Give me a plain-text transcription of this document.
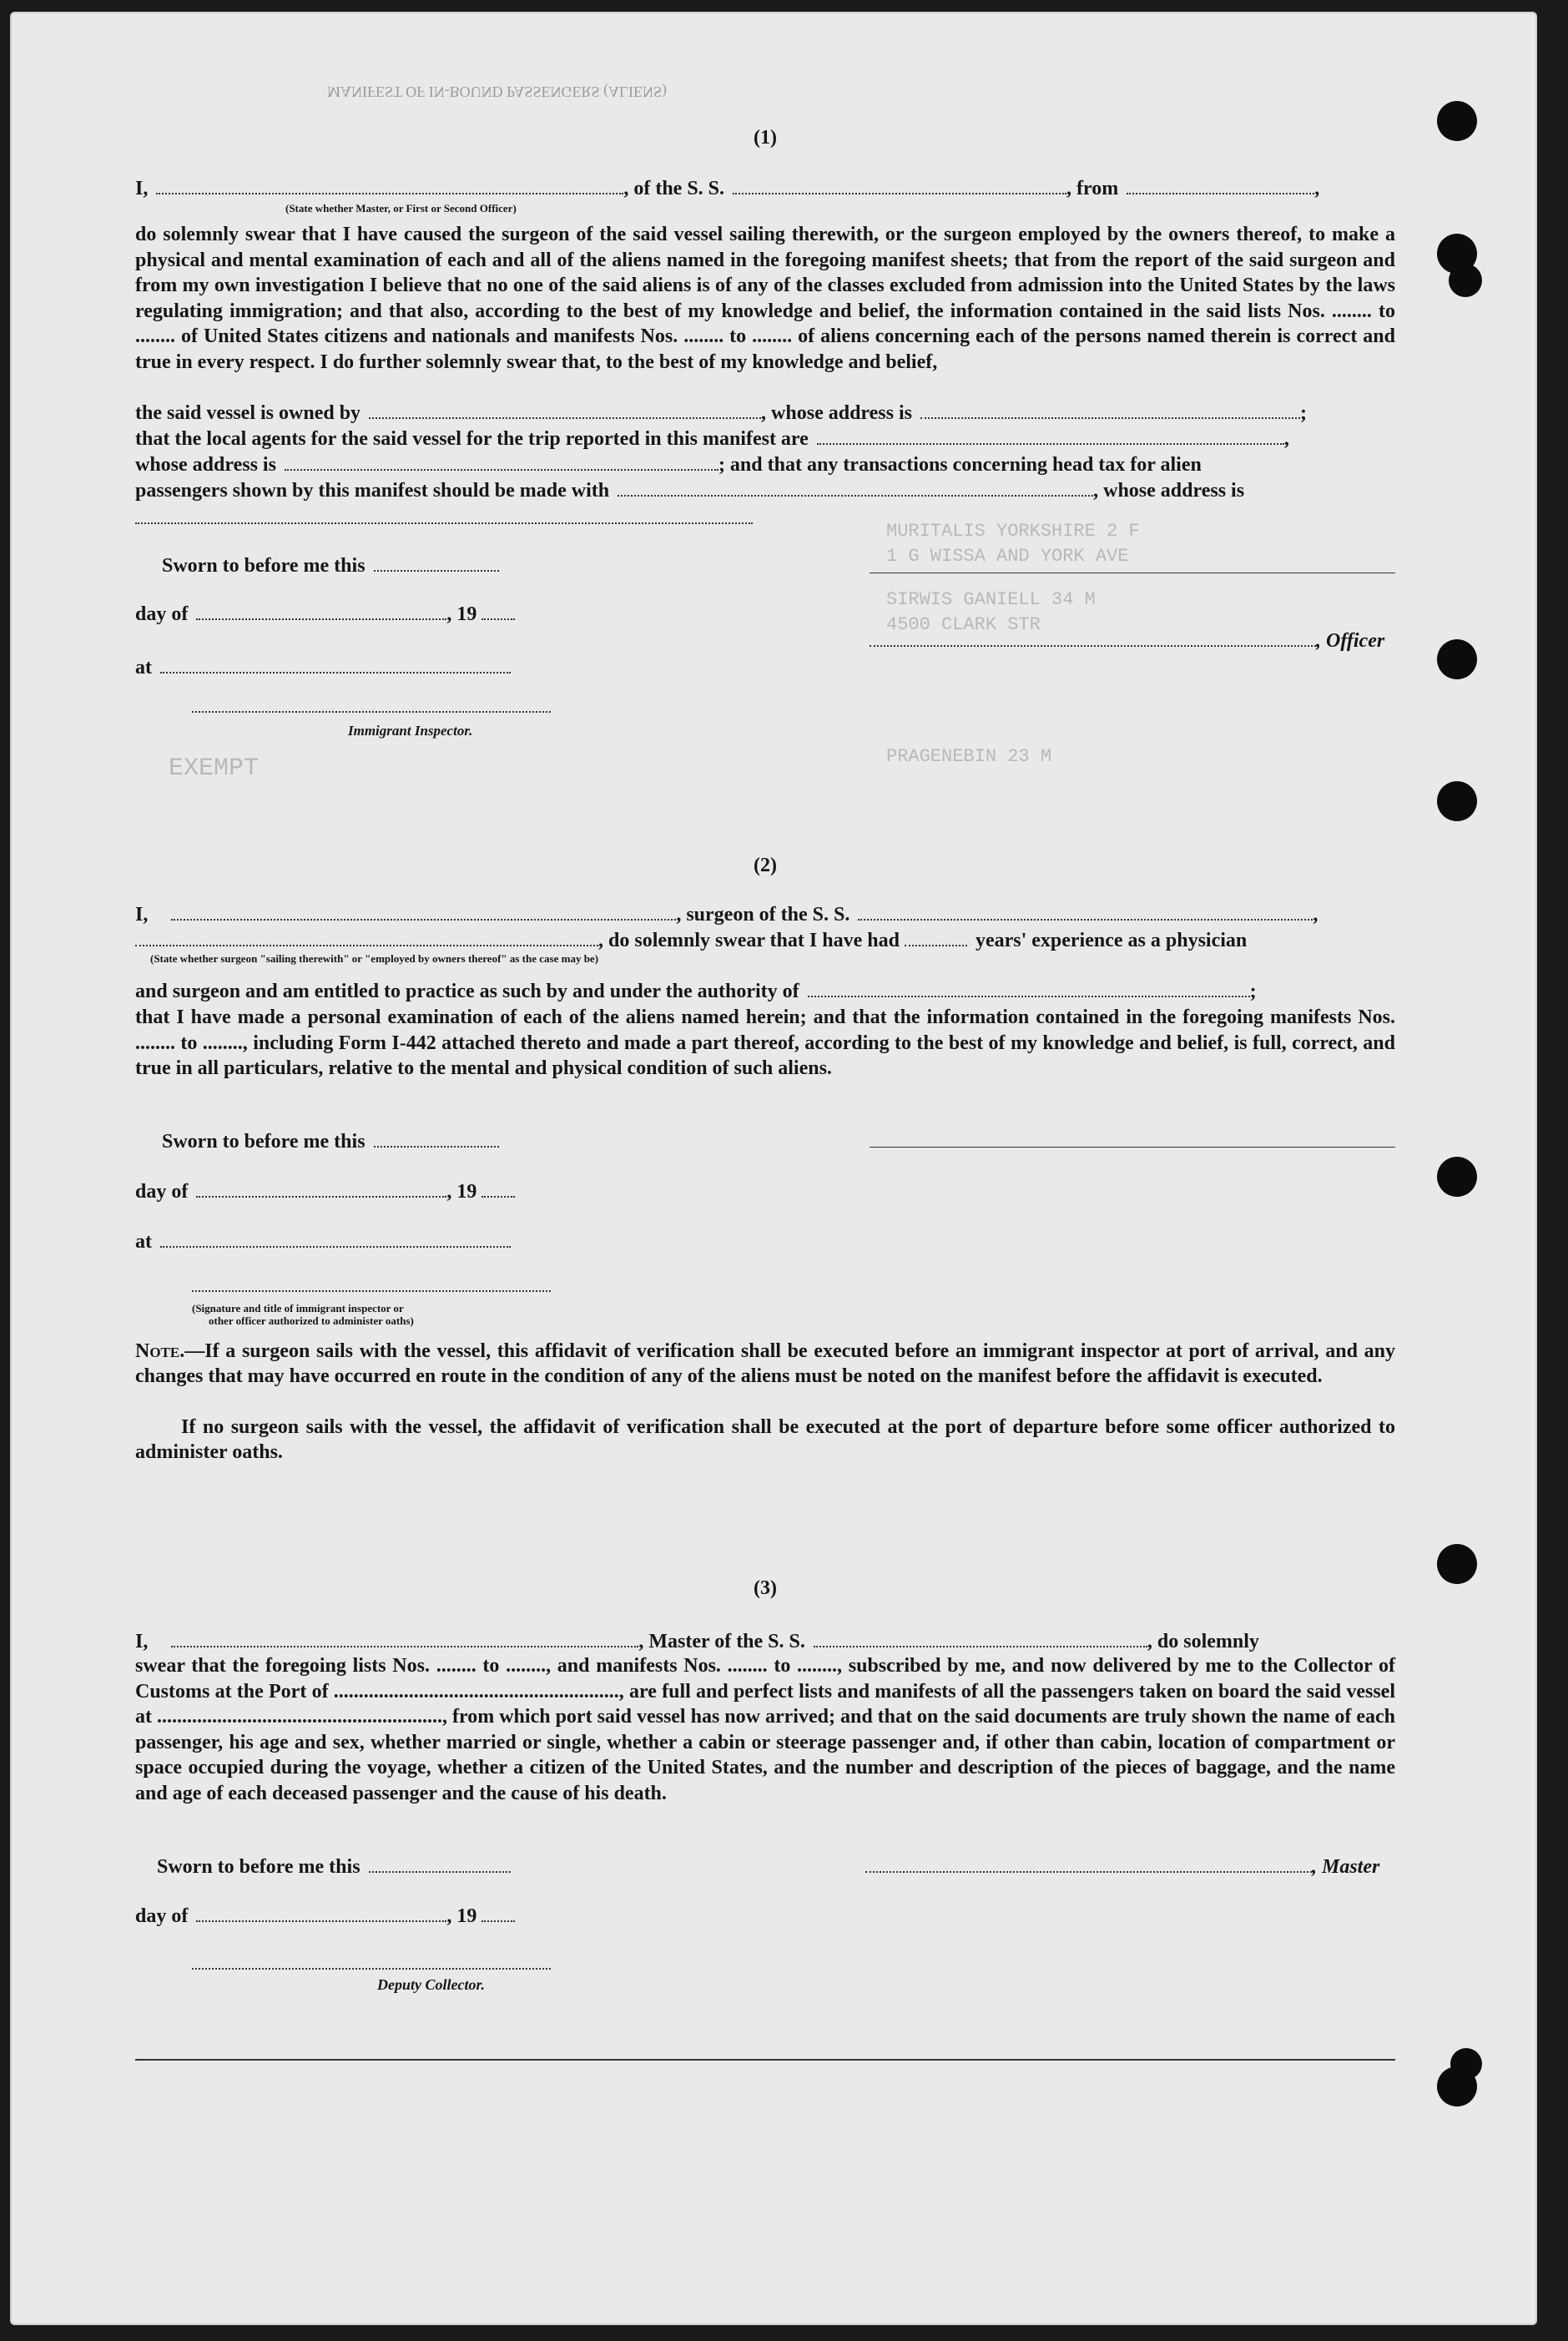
MANIFEST OF IN-BOUND PASSENGERS (ALIENS)
MURITALIS YORKSHIRE 2 F
1 G WISSA AND YORK AVE
SIRWIS GANIELL 34 M
4500 CLARK STR
PRAGENEBIN 23 M
EXEMPT
(1)
I,	, of the S. S.	, from	,
(State whether Master, or First or Second Officer)
do solemnly swear that I have caused the surgeon of the said vessel sailing therewith, or the surgeon employed by the owners thereof, to make a physical and mental examination of each and all of the aliens named in the foregoing manifest sheets; that from the report of the said surgeon and from my own investigation I believe that no one of the said aliens is of any of the classes excluded from admission into the United States by the laws regulating immigration; and that also, according to the best of my knowledge and belief, the information contained in the said lists Nos. ........ to ........ of United States citizens and nationals and manifests Nos. ........ to ........ of aliens concerning each of the persons named therein is correct and true in every respect. I do further solemnly swear that, to the best of my knowledge and belief,
the said vessel is owned by	, whose address is	;
that the local agents for the said vessel for the trip reported in this manifest are	,
whose address is	; and that any transactions concerning head tax for alien
passengers shown by this manifest should be made with	, whose address is
Sworn to before me this
day of	, 19
, Officer
at
Immigrant Inspector.
(2)
I,	, surgeon of the S. S.	,
, do solemnly swear that I have had	years' experience as a physician
(State whether surgeon "sailing therewith" or "employed by owners thereof" as the case may be)
and surgeon and am entitled to practice as such by and under the authority of	;
that I have made a personal examination of each of the aliens named herein; and that the information contained in the foregoing manifests Nos. ........ to ........, including Form I-442 attached thereto and made a part thereof, according to the best of my knowledge and belief, is full, correct, and true in all particulars, relative to the mental and physical condition of such aliens.
Sworn to before me this
day of	, 19
at
(Signature and title of immigrant inspector or
other officer authorized to administer oaths)
Note.—If a surgeon sails with the vessel, this affidavit of verification shall be executed before an immigrant inspector at port of arrival, and any changes that may have occurred en route in the condition of any of the aliens must be noted on the manifest before the affidavit is executed.
If no surgeon sails with the vessel, the affidavit of verification shall be executed at the port of departure before some officer authorized to administer oaths.
(3)
I,	, Master of the S. S.	, do solemnly
swear that the foregoing lists Nos. ........ to ........, and manifests Nos. ........ to ........, subscribed by me, and now delivered by me to the Collector of Customs at the Port of ........................................................., are full and perfect lists and manifests of all the passengers taken on board the said vessel at ........................................................., from which port said vessel has now arrived; and that on the said documents are truly shown the name of each passenger, his age and sex, whether married or single, whether a cabin or steerage passenger and, if other than cabin, location of compartment or space occupied during the voyage, whether a citizen of the United States, and the number and description of the pieces of baggage, and the name and age of each deceased passenger and the cause of his death.
Sworn to before me this	, Master
day of	, 19
Deputy Collector.
